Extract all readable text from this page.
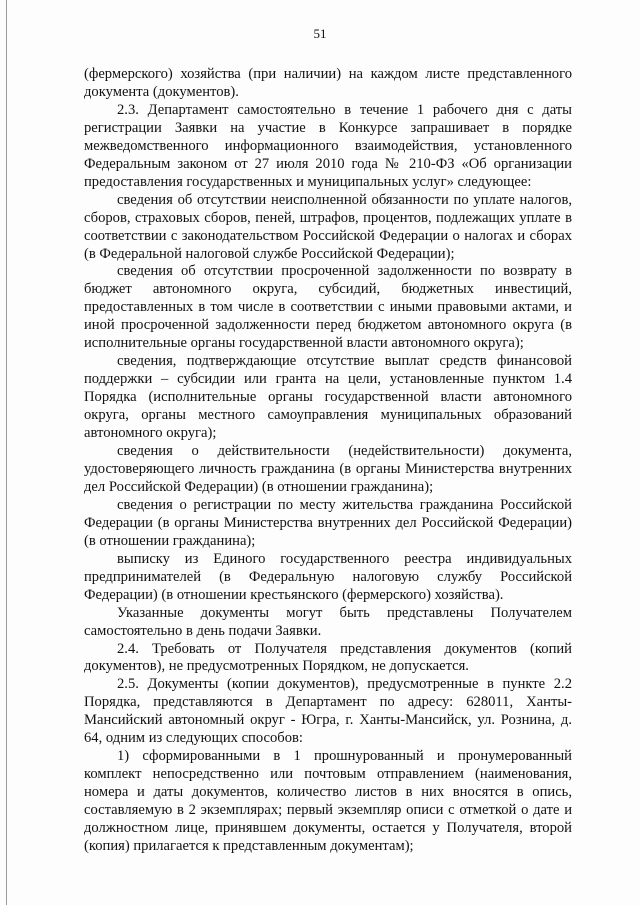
51

(фермерского) хозяйства (при наличии) на каждом листе представленного документа (документов).

2.3. Департамент самостоятельно в течение 1 рабочего дня с даты регистрации Заявки на участие в Конкурсе запрашивает в порядке межведомственного информационного взаимодействия, установленного Федеральным законом от 27 июля 2010 года № 210-ФЗ «Об организации предоставления государственных и муниципальных услуг» следующее:

сведения об отсутствии неисполненной обязанности по уплате налогов, сборов, страховых сборов, пеней, штрафов, процентов, подлежащих уплате в соответствии с законодательством Российской Федерации о налогах и сборах (в Федеральной налоговой службе Российской Федерации);

сведения об отсутствии просроченной задолженности по возврату в бюджет автономного округа, субсидий, бюджетных инвестиций, предоставленных в том числе в соответствии с иными правовыми актами, и иной просроченной задолженности перед бюджетом автономного округа (в исполнительные органы государственной власти автономного округа);

сведения, подтверждающие отсутствие выплат средств финансовой поддержки – субсидии или гранта на цели, установленные пунктом 1.4 Порядка (исполнительные органы государственной власти автономного округа, органы местного самоуправления муниципальных образований автономного округа);

сведения о действительности (недействительности) документа, удостоверяющего личность гражданина (в органы Министерства внутренних дел Российской Федерации) (в отношении гражданина);

сведения о регистрации по месту жительства гражданина Российской Федерации (в органы Министерства внутренних дел Российской Федерации) (в отношении гражданина);

выписку из Единого государственного реестра индивидуальных предпринимателей (в Федеральную налоговую службу Российской Федерации) (в отношении крестьянского (фермерского) хозяйства).

Указанные документы могут быть представлены Получателем самостоятельно в день подачи Заявки.

2.4. Требовать от Получателя представления документов (копий документов), не предусмотренных Порядком, не допускается.

2.5. Документы (копии документов), предусмотренные в пункте 2.2 Порядка, представляются в Департамент по адресу: 628011, Ханты-Мансийский автономный округ - Югра, г. Ханты-Мансийск, ул. Рознина, д. 64, одним из следующих способов:

1) сформированными в 1 прошнурованный и пронумерованный комплект непосредственно или почтовым отправлением (наименования, номера и даты документов, количество листов в них вносятся в опись, составляемую в 2 экземплярах; первый экземпляр описи с отметкой о дате и должностном лице, принявшем документы, остается у Получателя, второй (копия) прилагается к представленным документам);
